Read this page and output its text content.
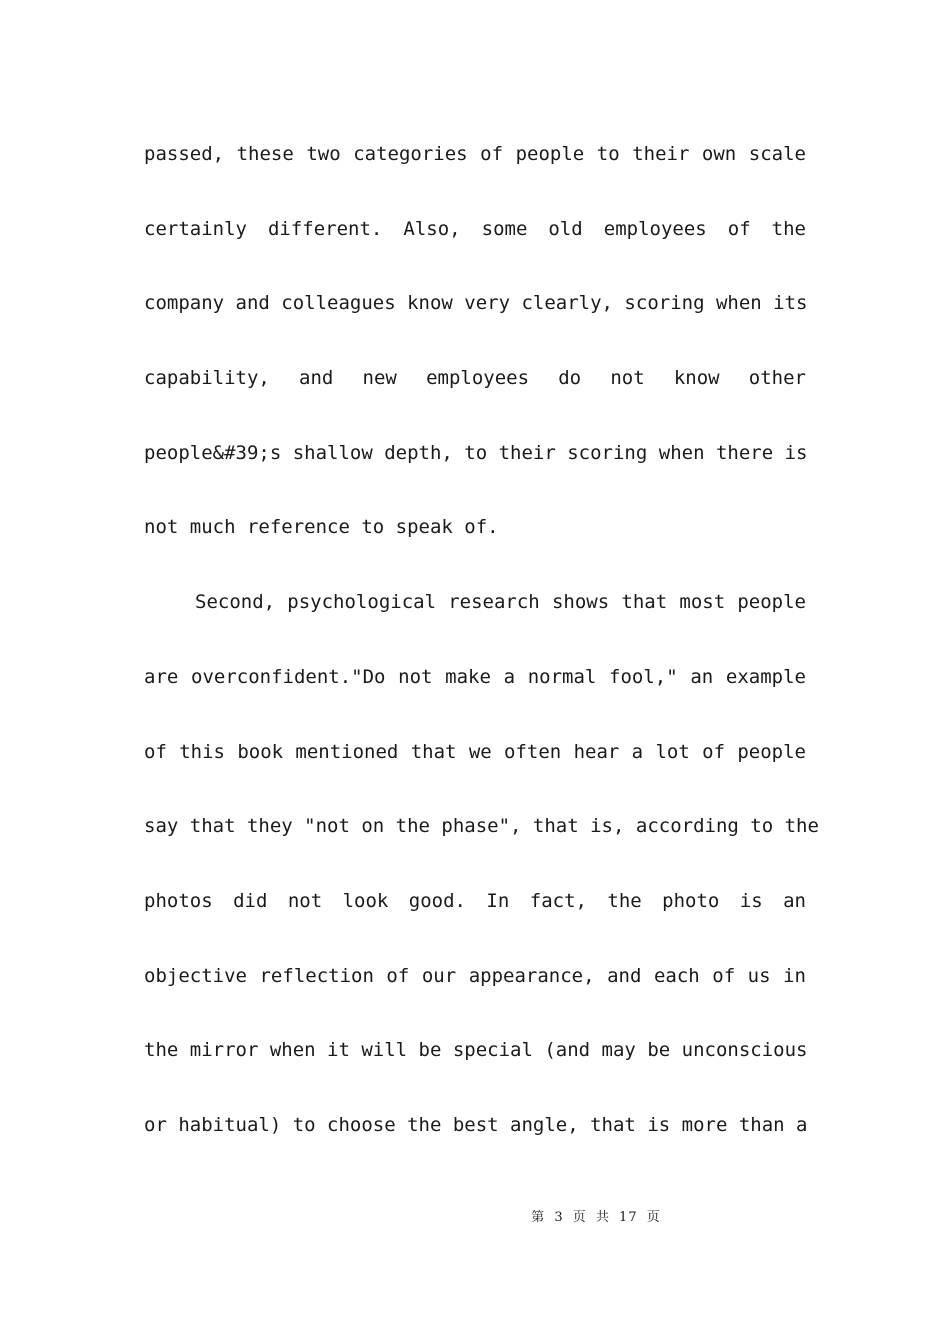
passed, these two categories of people to their own scale
certainly different. Also, some old employees of the
company and colleagues know very clearly, scoring when its
capability, and new employees do not know other
people&#39;s shallow depth, to their scoring when there is
not much reference to speak of.
Second, psychological research shows that most people
are overconfident."Do not make a normal fool," an example
of this book mentioned that we often hear a lot of people
say that they "not on the phase", that is, according to the
photos did not look good. In fact, the photo is an
objective reflection of our appearance, and each of us in
the mirror when it will be special (and may be unconscious
or habitual) to choose the best angle, that is more than a
第 3 页 共 17 页
